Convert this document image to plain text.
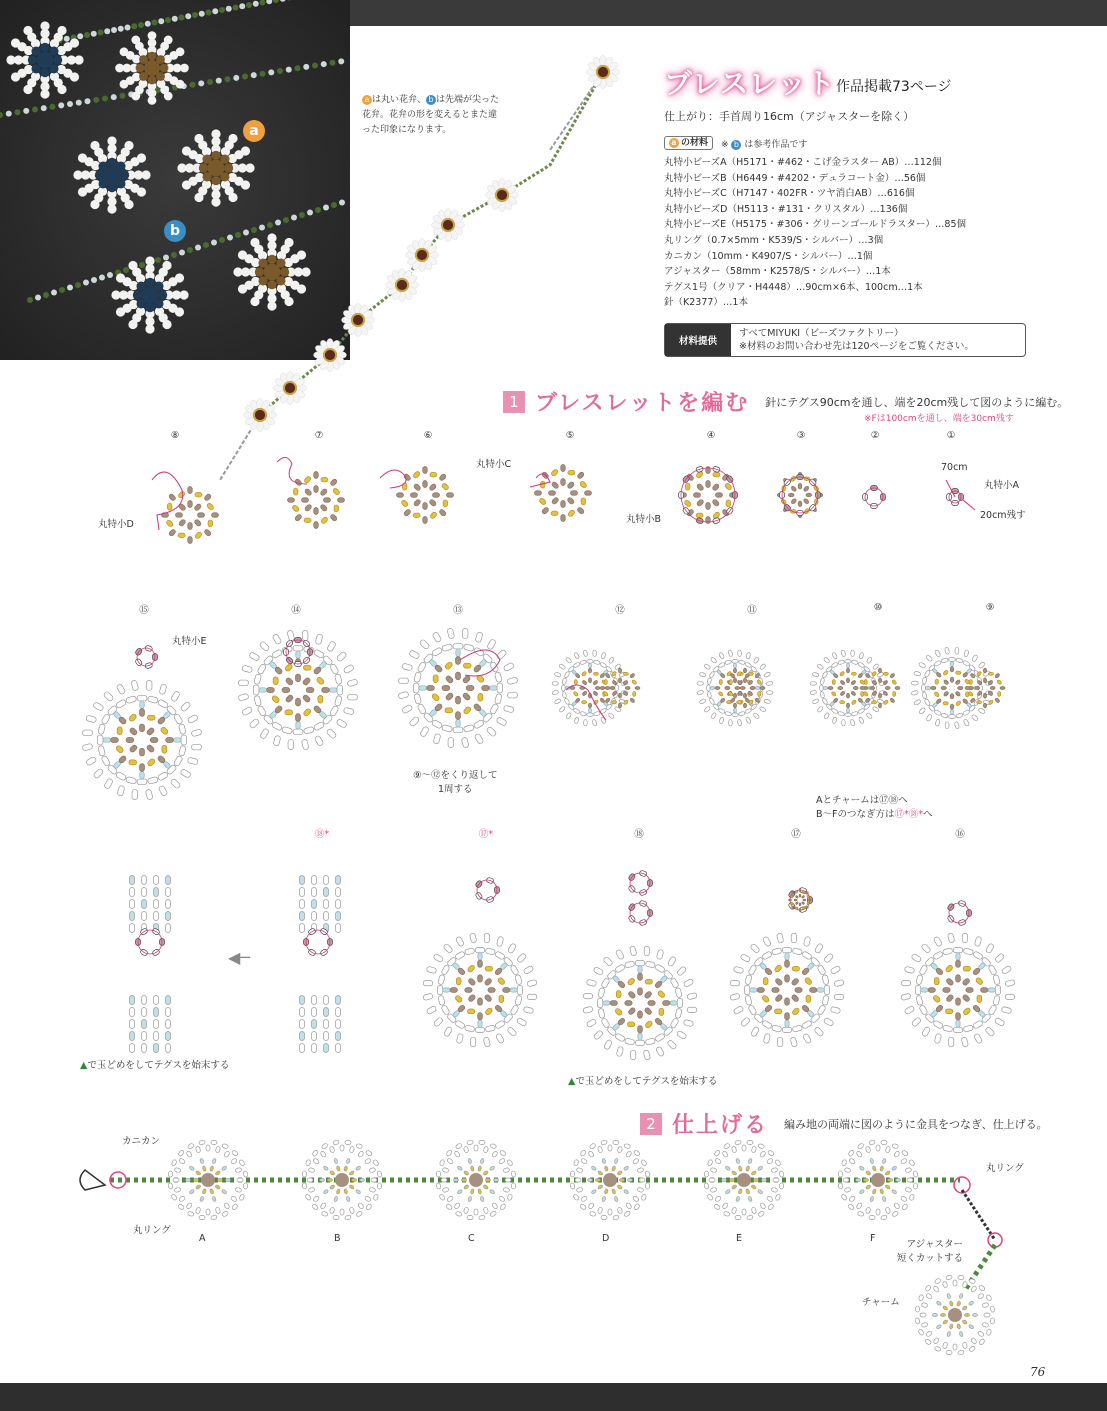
a
b
a は丸い花弁、 b は先端が尖った
花弁。花弁の形を変えるとまた違
った印象になります。
ブレスレット 作品掲載73ページ
仕上がり：手首周り16cm（アジャスターを除く）
a の材料 ※ b は参考作品です
丸特小ビーズA（H5171・#462・こげ金ラスター AB）…112個
丸特小ビーズB（H6449・#4202・デュラコート金）…56個
丸特小ビーズC（H7147・402FR・ツヤ消白AB）…616個
丸特小ビーズD（H5113・#131・クリスタル）…136個
丸特小ビーズE（H5175・#306・グリーンゴールドラスター）…85個
丸リング（0.7×5mm・K539/S・シルバー）…3個
カニカン（10mm・K4907/S・シルバー）…1個
アジャスター（58mm・K2578/S・シルバー）…1本
テグス1号（クリア・H4448）…90cm×6本、100cm…1本
針（K2377）…1本
材料提供
すべてMIYUKI（ビーズファクトリー）
※材料のお問い合わせ先は120ページをご覧ください。
1 ブレスレットを編む 針にテグス90cmを通し、端を20cm残して図のように編む。
※Fは100cmを通し、端を30cm残す
⑧	⑦	⑥	⑤	④	③	②	①
⑮	⑭	⑬	⑫	⑪	⑩	⑨
⑱*	⑰*	⑱	⑰	⑯
◀─
70cm
丸特小A
20cm残す
丸特小B
丸特小C
丸特小D
丸特小E
⑨～⑫をくり返して
1周する
Aとチャームは⑰⑱へ
B～Fのつなぎ方は⑰*⑱*へ
▲で玉どめをしてテグスを始末する
▲で玉どめをしてテグスを始末する
2 仕上げる 編み地の両端に図のように金具をつなぎ、仕上げる。
カニカン
丸リング
丸リング
アジャスター
短くカットする
チャーム
A	B	C	D	E	F
76
